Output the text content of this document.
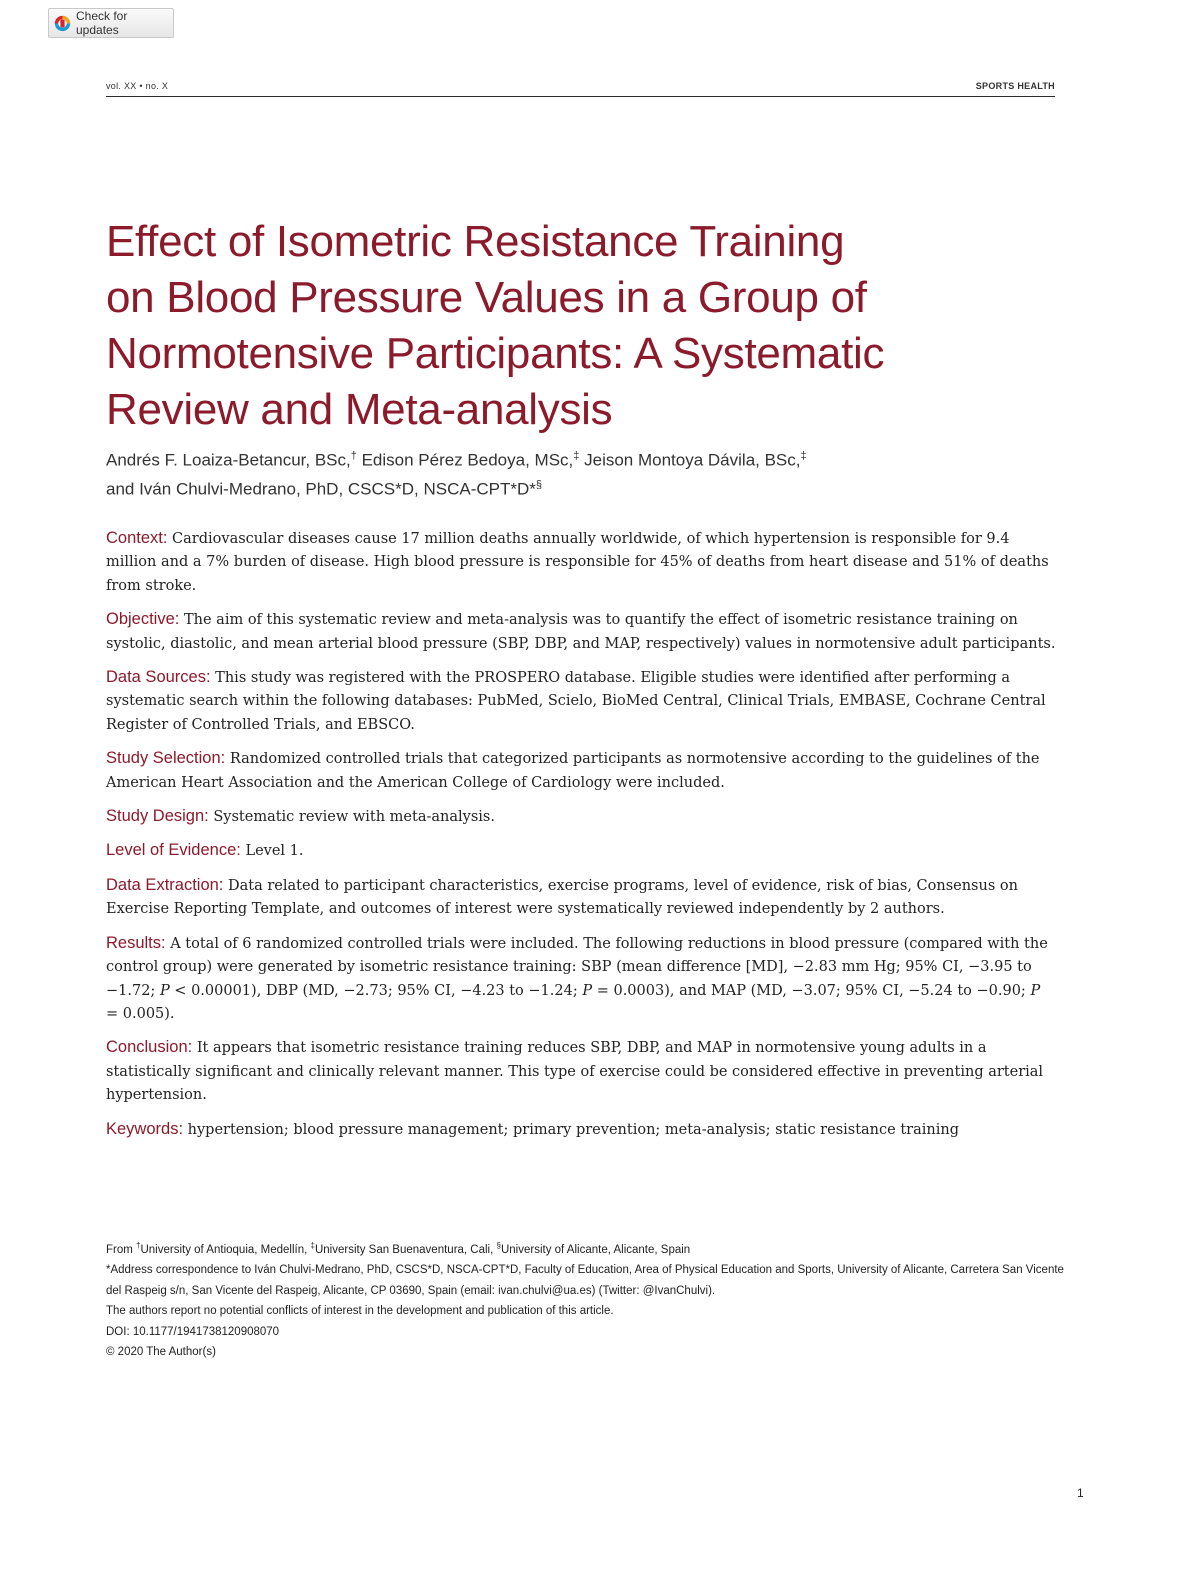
Check for updates
vol. XX • no. X	SPORTS HEALTH
Effect of Isometric Resistance Training
on Blood Pressure Values in a Group of
Normotensive Participants: A Systematic
Review and Meta-analysis

Andrés F. Loaiza-Betancur, BSc,† Edison Pérez Bedoya, MSc,‡ Jeison Montoya Dávila, BSc,‡
and Iván Chulvi-Medrano, PhD, CSCS*D, NSCA-CPT*D*§

Context: Cardiovascular diseases cause 17 million deaths annually worldwide, of which hypertension is responsible for 9.4 million and a 7% burden of disease. High blood pressure is responsible for 45% of deaths from heart disease and 51% of deaths from stroke.

Objective: The aim of this systematic review and meta-analysis was to quantify the effect of isometric resistance training on systolic, diastolic, and mean arterial blood pressure (SBP, DBP, and MAP, respectively) values in normotensive adult participants.

Data Sources: This study was registered with the PROSPERO database. Eligible studies were identified after performing a systematic search within the following databases: PubMed, Scielo, BioMed Central, Clinical Trials, EMBASE, Cochrane Central Register of Controlled Trials, and EBSCO.

Study Selection: Randomized controlled trials that categorized participants as normotensive according to the guidelines of the American Heart Association and the American College of Cardiology were included.

Study Design: Systematic review with meta-analysis.

Level of Evidence: Level 1.

Data Extraction: Data related to participant characteristics, exercise programs, level of evidence, risk of bias, Consensus on Exercise Reporting Template, and outcomes of interest were systematically reviewed independently by 2 authors.

Results: A total of 6 randomized controlled trials were included. The following reductions in blood pressure (compared with the control group) were generated by isometric resistance training: SBP (mean difference [MD], −2.83 mm Hg; 95% CI, −3.95 to −1.72; P < 0.00001), DBP (MD, −2.73; 95% CI, −4.23 to −1.24; P = 0.0003), and MAP (MD, −3.07; 95% CI, −5.24 to −0.90; P = 0.005).

Conclusion: It appears that isometric resistance training reduces SBP, DBP, and MAP in normotensive young adults in a statistically significant and clinically relevant manner. This type of exercise could be considered effective in preventing arterial hypertension.

Keywords: hypertension; blood pressure management; primary prevention; meta-analysis; static resistance training

From †University of Antioquia, Medellín, ‡University San Buenaventura, Cali, §University of Alicante, Alicante, Spain
*Address correspondence to Iván Chulvi-Medrano, PhD, CSCS*D, NSCA-CPT*D, Faculty of Education, Area of Physical Education and Sports, University of Alicante, Carretera San Vicente del Raspeig s/n, San Vicente del Raspeig, Alicante, CP 03690, Spain (email: ivan.chulvi@ua.es) (Twitter: @IvanChulvi).
The authors report no potential conflicts of interest in the development and publication of this article.
DOI: 10.1177/1941738120908070
© 2020 The Author(s)
1
